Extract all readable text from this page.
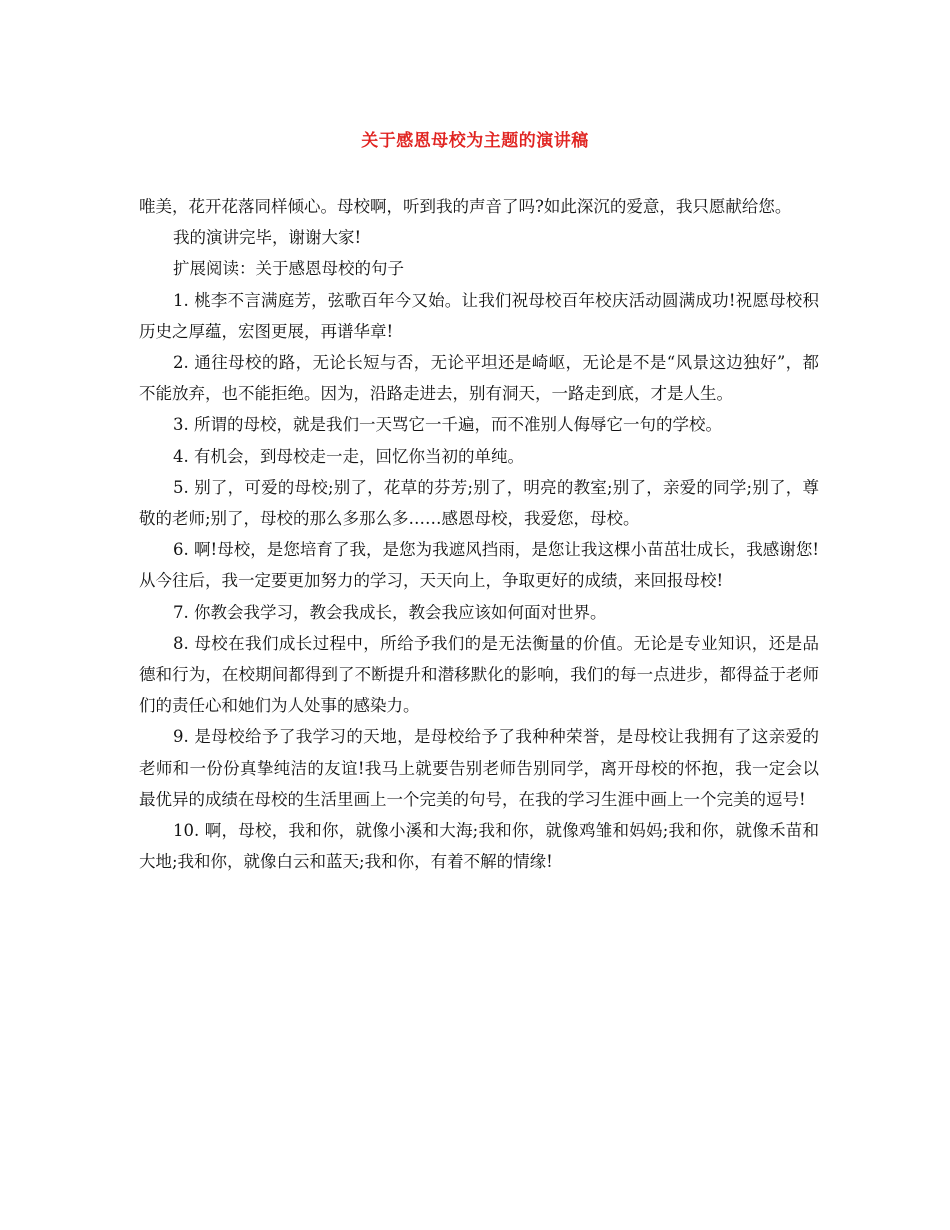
关于感恩母校为主题的演讲稿

唯美，花开花落同样倾心。母校啊，听到我的声音了吗?如此深沉的爱意，我只愿献给您。

我的演讲完毕，谢谢大家!

扩展阅读：关于感恩母校的句子

1. 桃李不言满庭芳，弦歌百年今又始。让我们祝母校百年校庆活动圆满成功!祝愿母校积历史之厚蕴，宏图更展，再谱华章!

2. 通往母校的路，无论长短与否，无论平坦还是崎岖，无论是不是“风景这边独好”，都不能放弃，也不能拒绝。因为，沿路走进去，别有洞天，一路走到底，才是人生。

3. 所谓的母校，就是我们一天骂它一千遍，而不准别人侮辱它一句的学校。

4. 有机会，到母校走一走，回忆你当初的单纯。

5. 别了，可爱的母校;别了，花草的芬芳;别了，明亮的教室;别了，亲爱的同学;别了，尊敬的老师;别了，母校的那么多那么多……感恩母校，我爱您，母校。

6. 啊!母校，是您培育了我，是您为我遮风挡雨，是您让我这棵小苗茁壮成长，我感谢您!从今往后，我一定要更加努力的学习，天天向上，争取更好的成绩，来回报母校!

7. 你教会我学习，教会我成长，教会我应该如何面对世界。

8. 母校在我们成长过程中，所给予我们的是无法衡量的价值。无论是专业知识，还是品德和行为，在校期间都得到了不断提升和潜移默化的影响，我们的每一点进步，都得益于老师们的责任心和她们为人处事的感染力。

9. 是母校给予了我学习的天地，是母校给予了我种种荣誉，是母校让我拥有了这亲爱的老师和一份份真挚纯洁的友谊!我马上就要告别老师告别同学，离开母校的怀抱，我一定会以最优异的成绩在母校的生活里画上一个完美的句号，在我的学习生涯中画上一个完美的逗号!

10. 啊，母校，我和你，就像小溪和大海;我和你，就像鸡雏和妈妈;我和你，就像禾苗和大地;我和你，就像白云和蓝天;我和你，有着不解的情缘!
